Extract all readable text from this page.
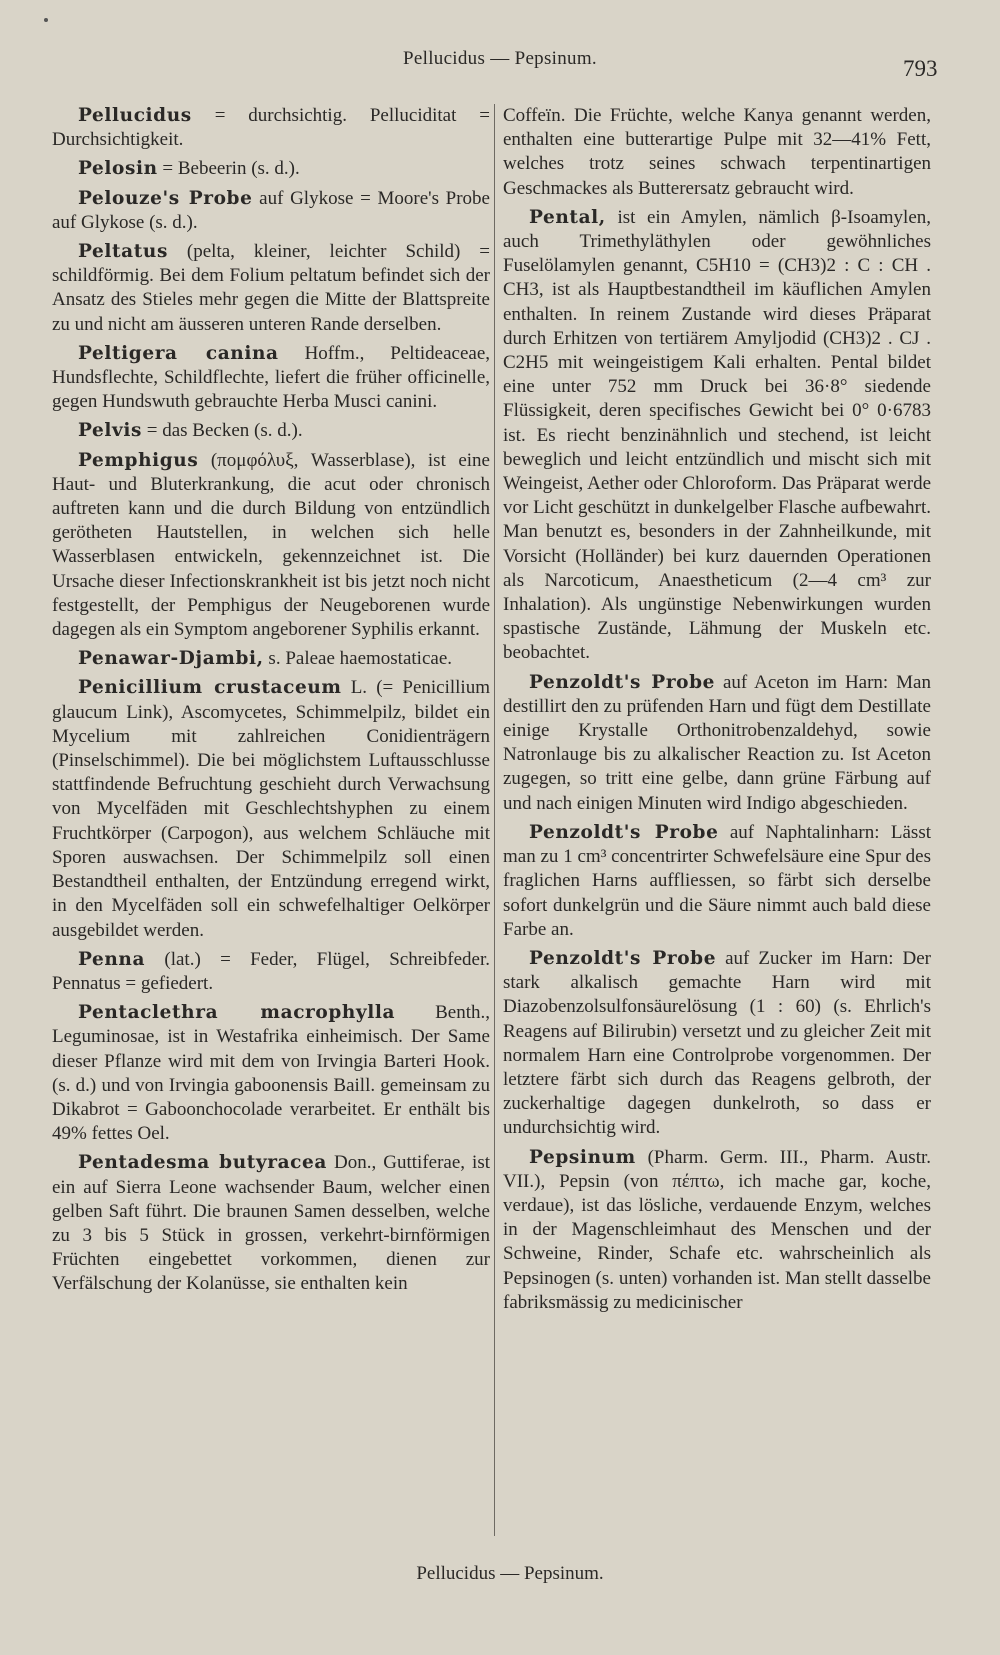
Pellucidus — Pepsinum.	793

Pellucidus = durchsichtig. Pelluciditat = Durchsichtigkeit.

Pelosin = Bebeerin (s. d.).

Pelouze's Probe auf Glykose = Moore's Probe auf Glykose (s. d.).

Peltatus (pelta, kleiner, leichter Schild) = schildförmig. Bei dem Folium peltatum befindet sich der Ansatz des Stieles mehr gegen die Mitte der Blattspreite zu und nicht am äusseren unteren Rande derselben.

Peltigera canina Hoffm., Peltideaceae, Hundsflechte, Schildflechte, liefert die früher officinelle, gegen Hundswuth gebrauchte Herba Musci canini.

Pelvis = das Becken (s. d.).

Pemphigus (πομφόλυξ, Wasserblase), ist eine Haut- und Bluterkrankung, die acut oder chronisch auftreten kann und die durch Bildung von entzündlich gerötheten Hautstellen, in welchen sich helle Wasserblasen entwickeln, gekennzeichnet ist. Die Ursache dieser Infectionskrankheit ist bis jetzt noch nicht festgestellt, der Pemphigus der Neugeborenen wurde dagegen als ein Symptom angeborener Syphilis erkannt.

Penawar-Djambi, s. Paleae haemostaticae.

Penicillium crustaceum L. (= Penicillium glaucum Link), Ascomycetes, Schimmelpilz, bildet ein Mycelium mit zahlreichen Conidienträgern (Pinselschimmel). Die bei möglichstem Luftausschlusse stattfindende Befruchtung geschieht durch Verwachsung von Mycelfäden mit Geschlechtshyphen zu einem Fruchtkörper (Carpogon), aus welchem Schläuche mit Sporen auswachsen. Der Schimmelpilz soll einen Bestandtheil enthalten, der Entzündung erregend wirkt, in den Mycelfäden soll ein schwefelhaltiger Oelkörper ausgebildet werden.

Penna (lat.) = Feder, Flügel, Schreibfeder. Pennatus = gefiedert.

Pentaclethra macrophylla Benth., Leguminosae, ist in Westafrika einheimisch. Der Same dieser Pflanze wird mit dem von Irvingia Barteri Hook. (s. d.) und von Irvingia gaboonensis Baill. gemeinsam zu Dikabrot = Gaboonchocolade verarbeitet. Er enthält bis 49% fettes Oel.

Pentadesma butyracea Don., Guttiferae, ist ein auf Sierra Leone wachsender Baum, welcher einen gelben Saft führt. Die braunen Samen desselben, welche zu 3 bis 5 Stück in grossen, verkehrt-birnförmigen Früchten eingebettet vorkommen, dienen zur Verfälschung der Kolanüsse, sie enthalten kein

Coffeïn. Die Früchte, welche Kanya genannt werden, enthalten eine butterartige Pulpe mit 32—41% Fett, welches trotz seines schwach terpentinartigen Geschmackes als Butterersatz gebraucht wird.

Pental, ist ein Amylen, nämlich β-Isoamylen, auch Trimethyläthylen oder gewöhnliches Fuselölamylen genannt, C5H10 = (CH3)2 : C : CH . CH3, ist als Hauptbestandtheil im käuflichen Amylen enthalten. In reinem Zustande wird dieses Präparat durch Erhitzen von tertiärem Amyljodid (CH3)2 . CJ . C2H5 mit weingeistigem Kali erhalten. Pental bildet eine unter 752 mm Druck bei 36·8° siedende Flüssigkeit, deren specifisches Gewicht bei 0° 0·6783 ist. Es riecht benzinähnlich und stechend, ist leicht beweglich und leicht entzündlich und mischt sich mit Weingeist, Aether oder Chloroform. Das Präparat werde vor Licht geschützt in dunkelgelber Flasche aufbewahrt. Man benutzt es, besonders in der Zahnheilkunde, mit Vorsicht (Holländer) bei kurz dauernden Operationen als Narcoticum, Anaestheticum (2—4 cm³ zur Inhalation). Als ungünstige Nebenwirkungen wurden spastische Zustände, Lähmung der Muskeln etc. beobachtet.

Penzoldt's Probe auf Aceton im Harn: Man destillirt den zu prüfenden Harn und fügt dem Destillate einige Krystalle Orthonitrobenzaldehyd, sowie Natronlauge bis zu alkalischer Reaction zu. Ist Aceton zugegen, so tritt eine gelbe, dann grüne Färbung auf und nach einigen Minuten wird Indigo abgeschieden.

Penzoldt's Probe auf Naphtalinharn: Lässt man zu 1 cm³ concentrirter Schwefelsäure eine Spur des fraglichen Harns auffliessen, so färbt sich derselbe sofort dunkelgrün und die Säure nimmt auch bald diese Farbe an.

Penzoldt's Probe auf Zucker im Harn: Der stark alkalisch gemachte Harn wird mit Diazobenzolsulfonsäurelösung (1 : 60) (s. Ehrlich's Reagens auf Bilirubin) versetzt und zu gleicher Zeit mit normalem Harn eine Controlprobe vorgenommen. Der letztere färbt sich durch das Reagens gelbroth, der zuckerhaltige dagegen dunkelroth, so dass er undurchsichtig wird.

Pepsinum (Pharm. Germ. III., Pharm. Austr. VII.), Pepsin (von πέπτω, ich mache gar, koche, verdaue), ist das lösliche, verdauende Enzym, welches in der Magenschleimhaut des Menschen und der Schweine, Rinder, Schafe etc. wahrscheinlich als Pepsinogen (s. unten) vorhanden ist. Man stellt dasselbe fabriksmässig zu medicinischer

Pellucidus — Pepsinum.
